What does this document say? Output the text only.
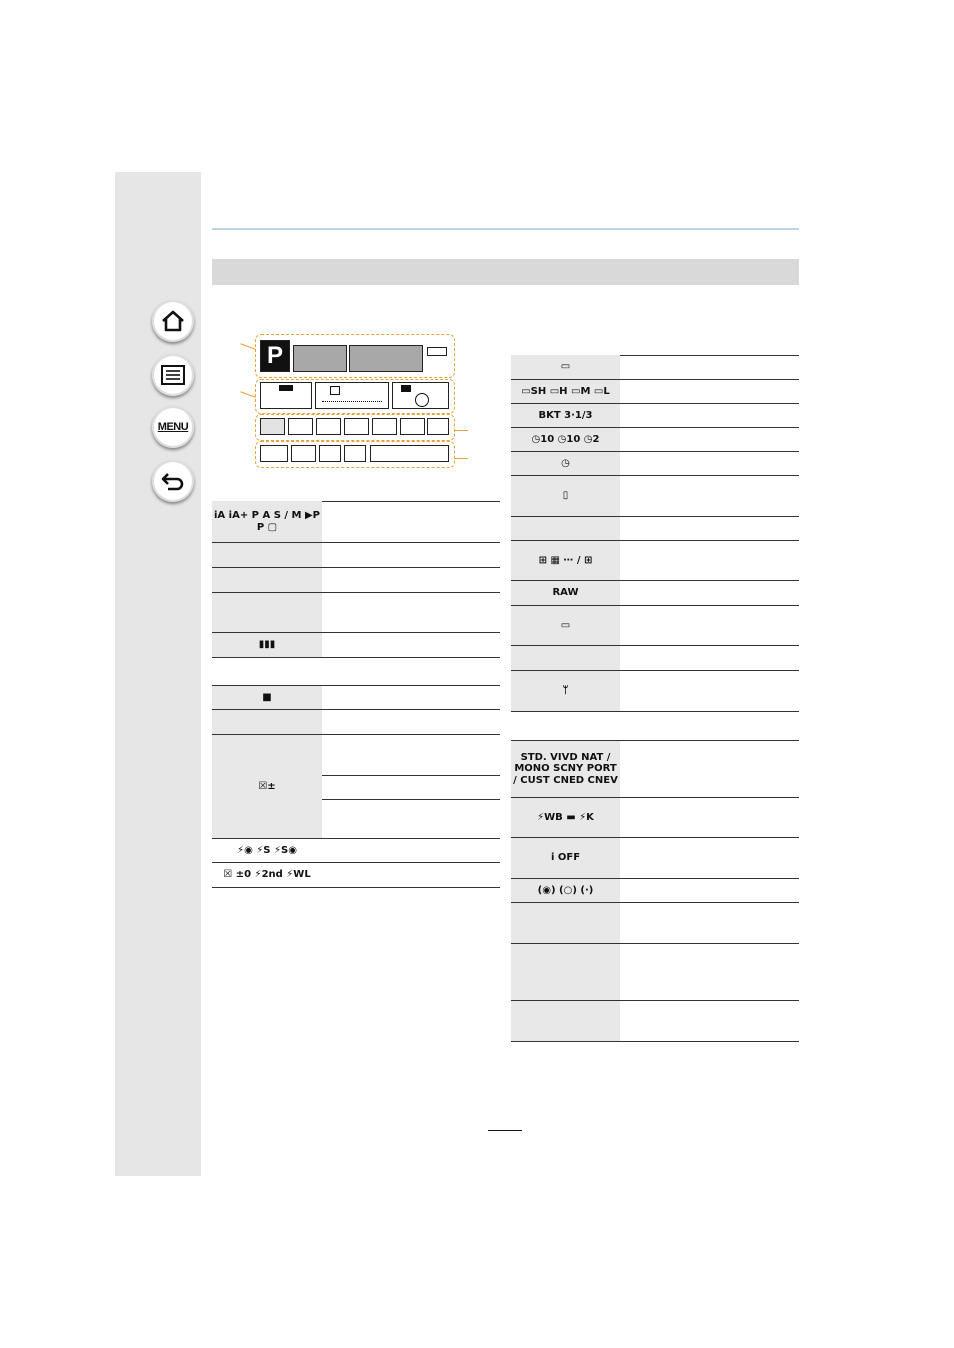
MENU
P
iA iA+ P A S / M ▶P P ▢
▮▮▮
■
☒±
⚡◉ ⚡S ⚡S◉
☒ ±0 ⚡2nd ⚡WL
▭
▭SH ▭H ▭M ▭L
BKT 3·1/3
◷10 ◷10 ◷2
◷
▯
⊞ ▦ ⋯ / ⊞
RAW
▭
ᛘ
STD. VIVD NAT / MONO SCNY PORT / CUST CNED CNEV
⚡WB ▬ ⚡K
i OFF
(◉) (○) (·)
